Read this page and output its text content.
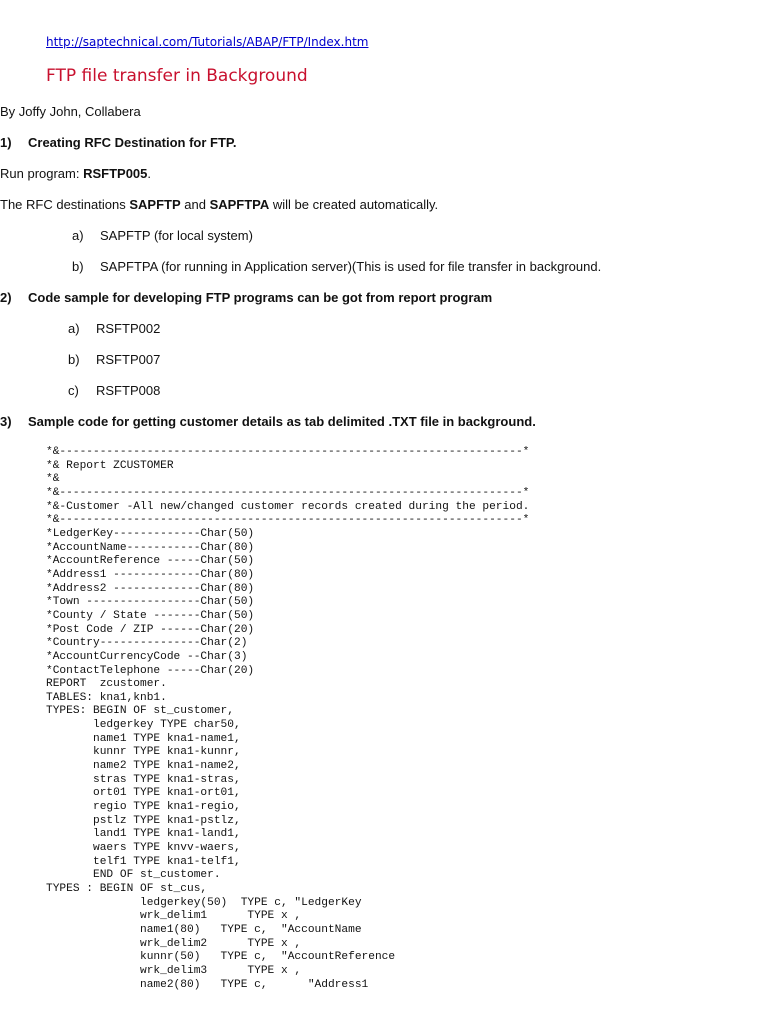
http://saptechnical.com/Tutorials/ABAP/FTP/Index.htm
FTP file transfer in Background
By Joffy John, Collabera
1) Creating RFC Destination for FTP.
Run program: RSFTP005.
The RFC destinations SAPFTP and SAPFTPA will be created automatically.
a) SAPFTP (for local system)
b) SAPFTPA (for running in Application server)(This is used for file transfer in background.
2) Code sample for developing FTP programs can be got from report program
a) RSFTP002
b) RSFTP007
c) RSFTP008
3) Sample code for getting customer details as tab delimited .TXT file in background.
*&---------------------------------------------------------------------*
*& Report ZCUSTOMER
*&
*&---------------------------------------------------------------------*
*&-Customer -All new/changed customer records created during the period.
*&---------------------------------------------------------------------*
*LedgerKey-------------Char(50)
*AccountName-----------Char(80)
*AccountReference -----Char(50)
*Address1 -------------Char(80)
*Address2 -------------Char(80)
*Town -----------------Char(50)
*County / State -------Char(50)
*Post Code / ZIP ------Char(20)
*Country---------------Char(2)
*AccountCurrencyCode --Char(3)
*ContactTelephone -----Char(20)
REPORT  zcustomer.
TABLES: kna1,knb1.
TYPES: BEGIN OF st_customer,
ledgerkey TYPE char50,
name1 TYPE kna1-name1,
kunnr TYPE kna1-kunnr,
name2 TYPE kna1-name2,
stras TYPE kna1-stras,
ort01 TYPE kna1-ort01,
regio TYPE kna1-regio,
pstlz TYPE kna1-pstlz,
land1 TYPE kna1-land1,
waers TYPE knvv-waers,
telf1 TYPE kna1-telf1,
END OF st_customer.
TYPES : BEGIN OF st_cus,
ledgerkey(50)  TYPE c, "LedgerKey
wrk_delim1      TYPE x ,
name1(80)   TYPE c,  "AccountName
wrk_delim2      TYPE x ,
kunnr(50)   TYPE c,  "AccountReference
wrk_delim3      TYPE x ,
name2(80)   TYPE c,      "Address1
